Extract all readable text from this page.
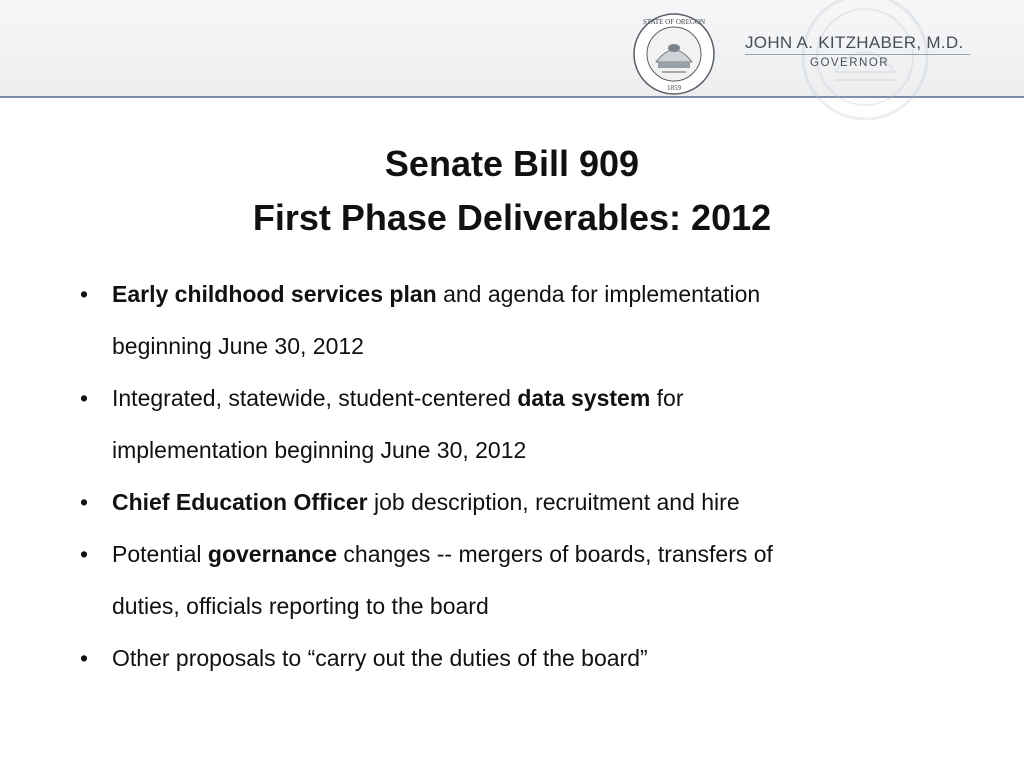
STATE OF OREGON
1859
JOHN A. KITZHABER, M.D.
GOVERNOR
Senate Bill 909
First Phase Deliverables: 2012
•	Early childhood services plan and agenda for implementation
beginning June 30, 2012
•	Integrated, statewide, student-centered data system for
implementation beginning June 30, 2012
•	Chief Education Officer job description, recruitment and hire
•	Potential governance changes -- mergers of boards, transfers of
duties, officials reporting to the board
•	Other proposals to “carry out the duties of the board”
